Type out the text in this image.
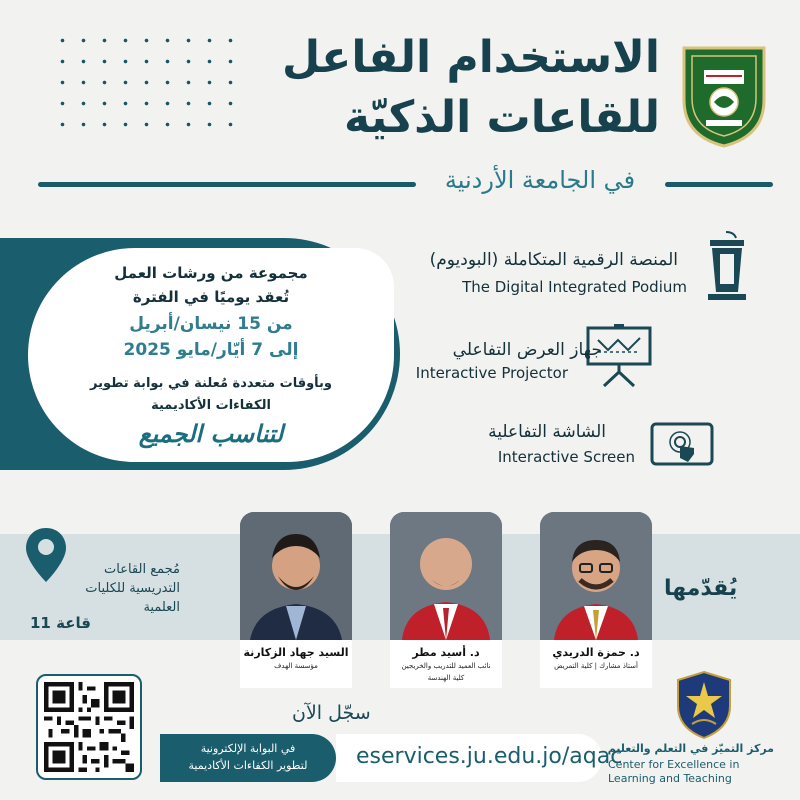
الاستخدام الفاعل
للقاعات الذكيّة
في الجامعة الأردنية
مجموعة من ورشات العمل
تُعقد يوميًا في الفترة
من 15 نيسان/أبريل
إلى 7 أيّار/مايو 2025
وبأوقات متعددة مُعلنة في بوابة تطوير
الكفاءات الأكاديمية
لتناسب الجميع
المنصة الرقمية المتكاملة (البوديوم)
The Digital Integrated Podium
جهاز العرض التفاعلي
Interactive Projector
الشاشة التفاعلية
Interactive Screen
مُجمع القاعات
التدريسية للكليات
العلمية
قاعة 11
يُقدّمها
د. حمزة الدريدي
أستاذ مشارك | كلية التمريض
د. أسيد مطر
نائب العميد للتدريب والخريجين
كلية الهندسة
السيد جهاد الزكارنة
مؤسسة الهدف
سجّل الآن
في البوابة الإلكترونية
لتطوير الكفاءات الأكاديمية	eservices.ju.edu.jo/aqac
مركز التميّز في التعلم والتعليم
Center for Excellence in
Learning and Teaching
